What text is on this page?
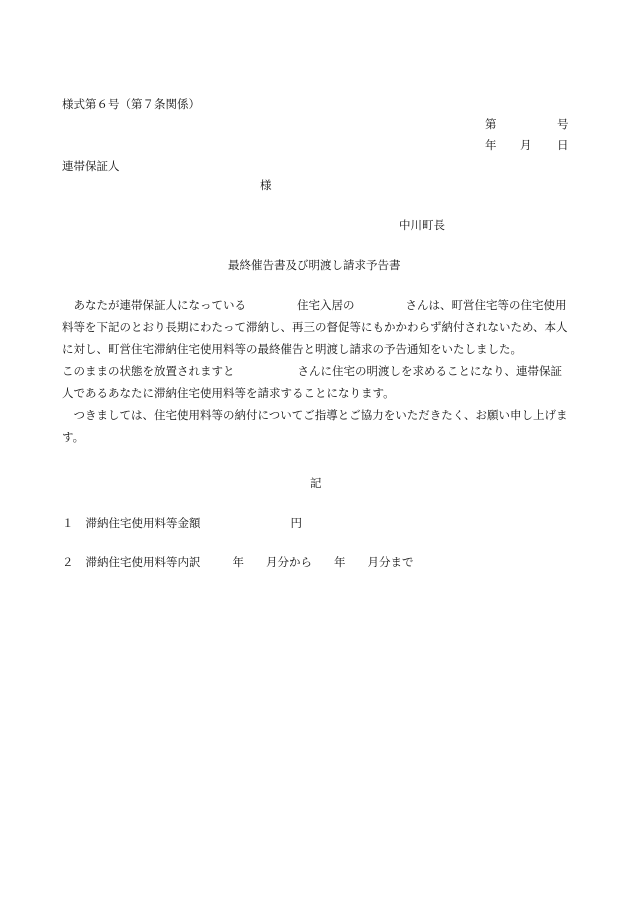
様式第６号（第７条関係）
第	号
年 月 日
連帯保証人
様
中川町長
最終催告書及び明渡し請求予告書
あなたが連帯保証人になっている	住宅入居の	さんは、町営住宅等の住宅使用料等を下記のとおり長期にわたって滞納し、再三の督促等にもかかわらず納付されないため、本人に対し、町営住宅滞納住宅使用料等の最終催告と明渡し請求の予告通知をいたしました。
このままの状態を放置されますと	さんに住宅の明渡しを求めることになり、連帯保証人であるあなたに滞納住宅使用料等を請求することになります。
つきましては、住宅使用料等の納付についてご指導とご協力をいただきたく、お願い申し上げます。
記
１ 滞納住宅使用料等金額	円
２ 滞納住宅使用料等内訳	年 月分から 年 月分まで
